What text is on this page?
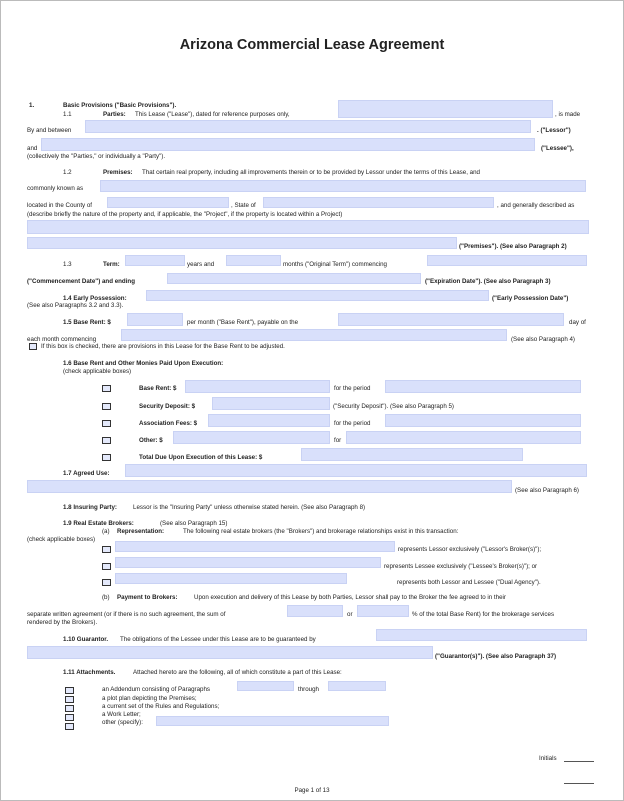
Arizona Commercial Lease Agreement
1.	Basic Provisions ("Basic Provisions").
1.1	Parties: This Lease ("Lease"), dated for reference purposes only,	, is made
By and between	. ("Lessor")
and	("Lessee"),
(collectively the "Parties," or individually a "Party").
1.2	Premises: That certain real property, including all improvements therein or to be provided by Lessor under the terms of this Lease, and
commonly known as
located in the County of	, State of	, and generally described as
(describe briefly the nature of the property and, if applicable, the "Project", if the property is located within a Project)
("Premises"). (See also Paragraph 2)
1.3	Term:	years and	months ("Original Term") commencing
("Commencement Date") and ending	("Expiration Date"). (See also Paragraph 3)
1.4 Early Possession:	("Early Possession Date")
(See also Paragraphs 3.2 and 3.3).
1.5 Base Rent: $	per month ("Base Rent"), payable on the	day of
each month commencing	(See also Paragraph 4)
If this box is checked, there are provisions in this Lease for the Base Rent to be adjusted.
1.6 Base Rent and Other Monies Paid Upon Execution:
(check applicable boxes)
Base Rent: $	for the period
Security Deposit: $	("Security Deposit"). (See also Paragraph 5)
Association Fees: $	for the period
Other: $	for
Total Due Upon Execution of this Lease: $
1.7 Agreed Use:
(See also Paragraph 6)
1.8 Insuring Party:	Lessor is the "Insuring Party" unless otherwise stated herein. (See also Paragraph 8)
1.9 Real Estate Brokers:	(See also Paragraph 15)
(a) Representation:	The following real estate brokers (the "Brokers") and brokerage relationships exist in this transaction:
(check applicable boxes)
represents Lessor exclusively ("Lessor's Broker(s)");
represents Lessee exclusively ("Lessee's Broker(s)"); or
represents both Lessor and Lessee ("Dual Agency").
(b) Payment to Brokers:	Upon execution and delivery of this Lease by both Parties, Lessor shall pay to the Broker the fee agreed to in their
separate written agreement (or if there is no such agreement, the sum of	or	% of the total Base Rent) for the brokerage services
rendered by the Brokers).
1.10 Guarantor. The obligations of the Lessee under this Lease are to be guaranteed by
("Guarantor(s)"). (See also Paragraph 37)
1.11 Attachments.	Attached hereto are the following, all of which constitute a part of this Lease:
an Addendum consisting of Paragraphs	through
a plot plan depicting the Premises;
a current set of the Rules and Regulations;
a Work Letter;
other (specify):
Initials
Page 1 of 13
